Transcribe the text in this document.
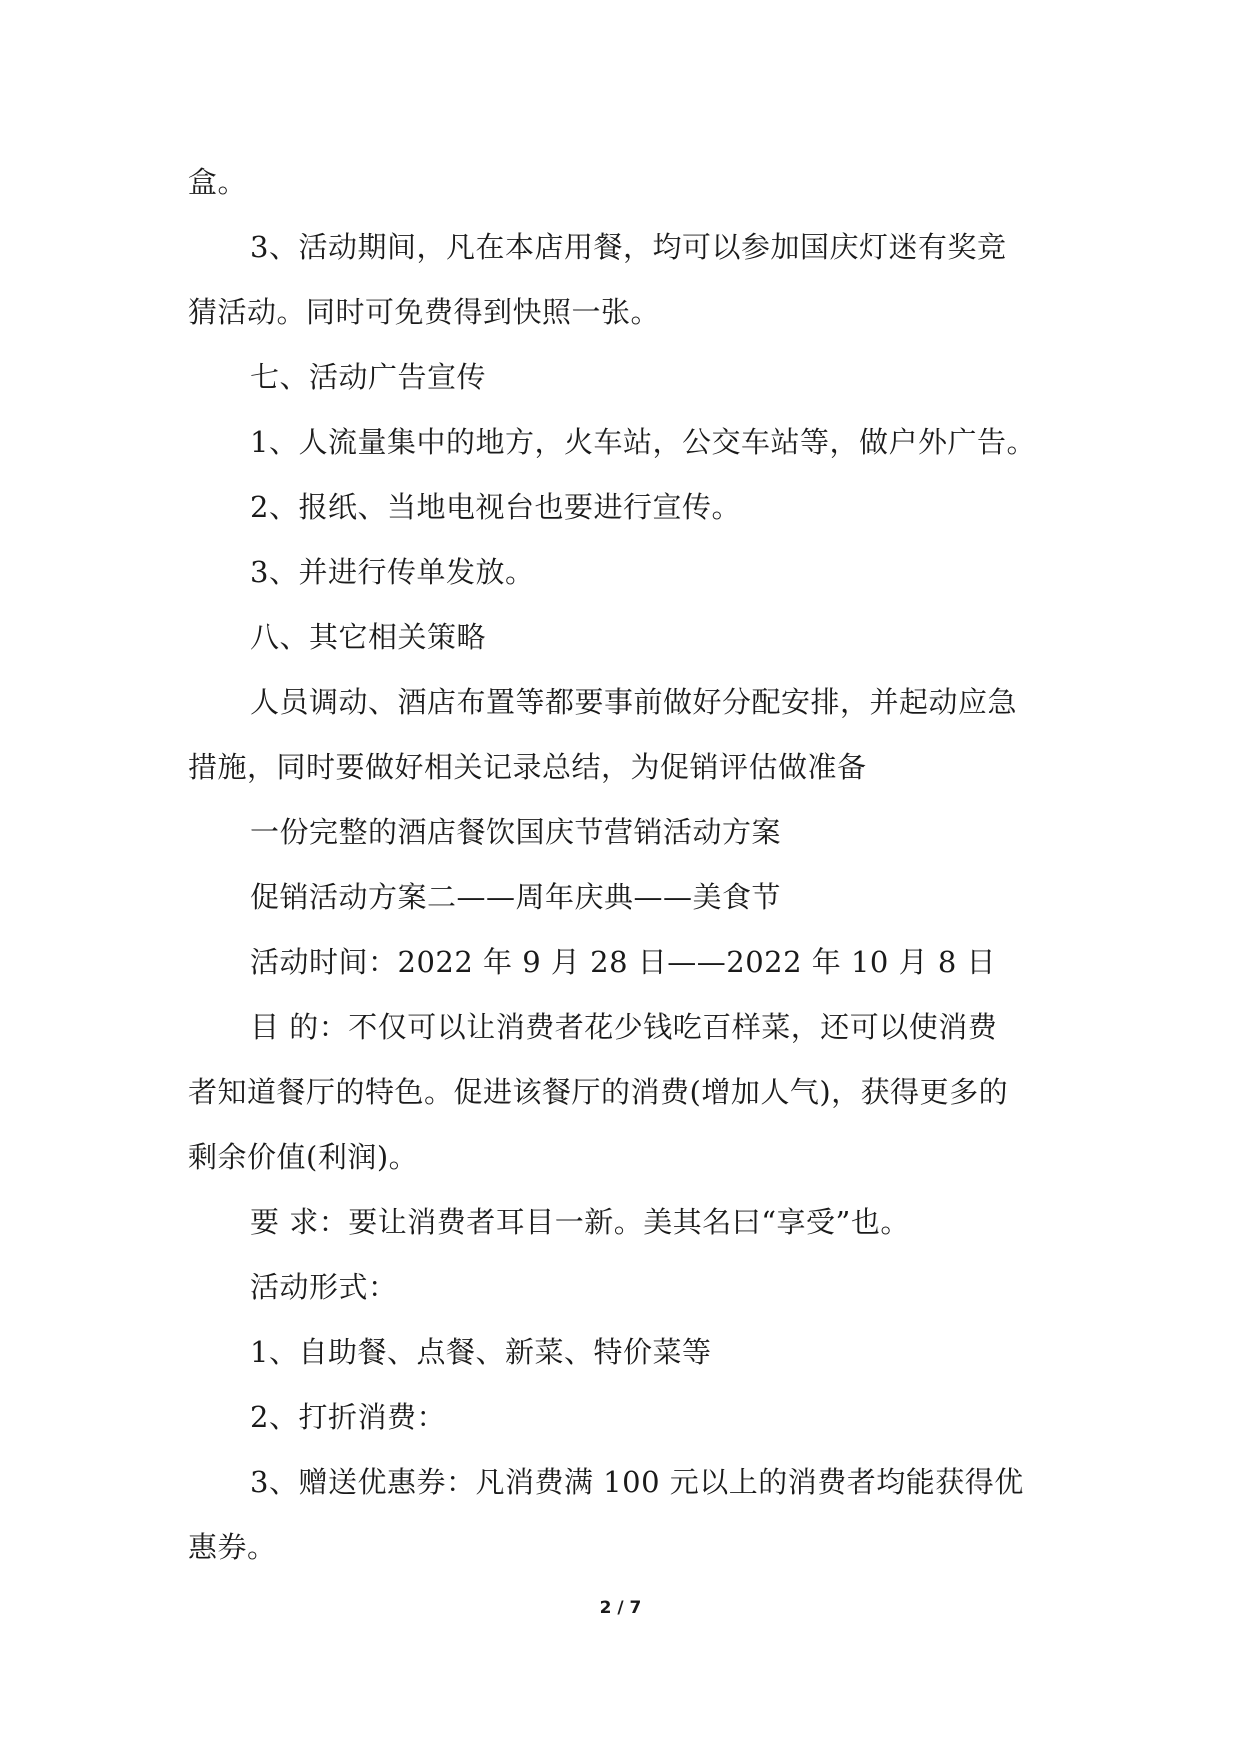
盒。
3、活动期间，凡在本店用餐，均可以参加国庆灯迷有奖竞
猜活动。同时可免费得到快照一张。
七、活动广告宣传
1、人流量集中的地方，火车站，公交车站等，做户外广告。
2、报纸、当地电视台也要进行宣传。
3、并进行传单发放。
八、其它相关策略
人员调动、酒店布置等都要事前做好分配安排，并起动应急
措施，同时要做好相关记录总结，为促销评估做准备
一份完整的酒店餐饮国庆节营销活动方案
促销活动方案二——周年庆典——美食节
活动时间：2022 年 9 月 28 日——2022 年 10 月 8 日
目 的：不仅可以让消费者花少钱吃百样菜，还可以使消费
者知道餐厅的特色。促进该餐厅的消费(增加人气)，获得更多的
剩余价值(利润)。
要 求：要让消费者耳目一新。美其名曰“享受”也。
活动形式：
1、自助餐、点餐、新菜、特价菜等
2、打折消费：
3、赠送优惠券：凡消费满 100 元以上的消费者均能获得优
惠券。
2 / 7
